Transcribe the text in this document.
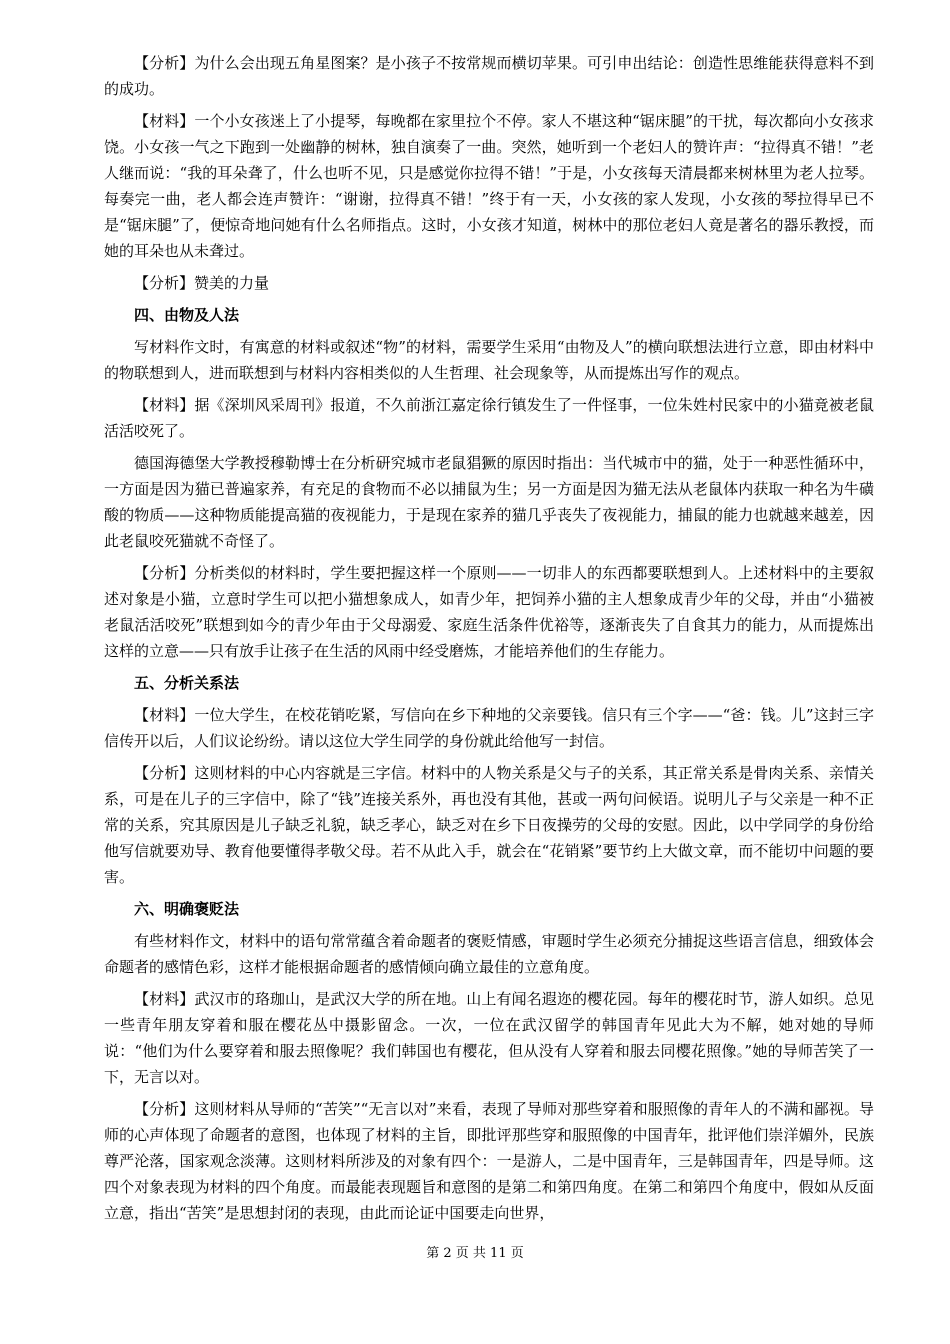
【分析】为什么会出现五角星图案？是小孩子不按常规而横切苹果。可引申出结论：创造性思维能获得意料不到的成功。

【材料】一个小女孩迷上了小提琴，每晚都在家里拉个不停。家人不堪这种“锯床腿”的干扰，每次都向小女孩求饶。小女孩一气之下跑到一处幽静的树林，独自演奏了一曲。突然，她听到一个老妇人的赞许声：“拉得真不错！”老人继而说：“我的耳朵聋了，什么也听不见，只是感觉你拉得不错！”于是，小女孩每天清晨都来树林里为老人拉琴。每奏完一曲，老人都会连声赞许：“谢谢，拉得真不错！”终于有一天，小女孩的家人发现，小女孩的琴拉得早已不是“锯床腿”了，便惊奇地问她有什么名师指点。这时，小女孩才知道，树林中的那位老妇人竟是著名的器乐教授，而她的耳朵也从未聋过。

【分析】赞美的力量

四、由物及人法

写材料作文时，有寓意的材料或叙述“物”的材料，需要学生采用“由物及人”的横向联想法进行立意，即由材料中的物联想到人，进而联想到与材料内容相类似的人生哲理、社会现象等，从而提炼出写作的观点。

【材料】据《深圳风采周刊》报道，不久前浙江嘉定徐行镇发生了一件怪事，一位朱姓村民家中的小猫竟被老鼠活活咬死了。

德国海德堡大学教授穆勒博士在分析研究城市老鼠猖獗的原因时指出：当代城市中的猫，处于一种恶性循环中，一方面是因为猫已普遍家养，有充足的食物而不必以捕鼠为生；另一方面是因为猫无法从老鼠体内获取一种名为牛磺酸的物质——这种物质能提高猫的夜视能力，于是现在家养的猫几乎丧失了夜视能力，捕鼠的能力也就越来越差，因此老鼠咬死猫就不奇怪了。

【分析】分析类似的材料时，学生要把握这样一个原则——一切非人的东西都要联想到人。上述材料中的主要叙述对象是小猫，立意时学生可以把小猫想象成人，如青少年，把饲养小猫的主人想象成青少年的父母，并由“小猫被老鼠活活咬死”联想到如今的青少年由于父母溺爱、家庭生活条件优裕等，逐渐丧失了自食其力的能力，从而提炼出这样的立意——只有放手让孩子在生活的风雨中经受磨炼，才能培养他们的生存能力。

五、分析关系法

【材料】一位大学生，在校花销吃紧，写信向在乡下种地的父亲要钱。信只有三个字——“爸：钱。儿”这封三字信传开以后，人们议论纷纷。请以这位大学生同学的身份就此给他写一封信。

【分析】这则材料的中心内容就是三字信。材料中的人物关系是父与子的关系，其正常关系是骨肉关系、亲情关系，可是在儿子的三字信中，除了“钱”连接关系外，再也没有其他，甚或一两句问候语。说明儿子与父亲是一种不正常的关系，究其原因是儿子缺乏礼貌，缺乏孝心，缺乏对在乡下日夜操劳的父母的安慰。因此，以中学同学的身份给他写信就要劝导、教育他要懂得孝敬父母。若不从此入手，就会在“花销紧”要节约上大做文章，而不能切中问题的要害。

六、明确褒贬法

有些材料作文，材料中的语句常常蕴含着命题者的褒贬情感，审题时学生必须充分捕捉这些语言信息，细致体会命题者的感情色彩，这样才能根据命题者的感情倾向确立最佳的立意角度。

【材料】武汉市的珞珈山，是武汉大学的所在地。山上有闻名遐迩的樱花园。每年的樱花时节，游人如织。总见一些青年朋友穿着和服在樱花丛中摄影留念。一次，一位在武汉留学的韩国青年见此大为不解，她对她的导师说：“他们为什么要穿着和服去照像呢？我们韩国也有樱花，但从没有人穿着和服去同樱花照像。”她的导师苦笑了一下，无言以对。

【分析】这则材料从导师的“苦笑”“无言以对”来看，表现了导师对那些穿着和服照像的青年人的不满和鄙视。导师的心声体现了命题者的意图，也体现了材料的主旨，即批评那些穿和服照像的中国青年，批评他们崇洋媚外，民族尊严沦落，国家观念淡薄。这则材料所涉及的对象有四个：一是游人，二是中国青年，三是韩国青年，四是导师。这四个对象表现为材料的四个角度。而最能表现题旨和意图的是第二和第四角度。在第二和第四个角度中，假如从反面立意，指出“苦笑”是思想封闭的表现，由此而论证中国要走向世界，

第 2 页 共 11 页
